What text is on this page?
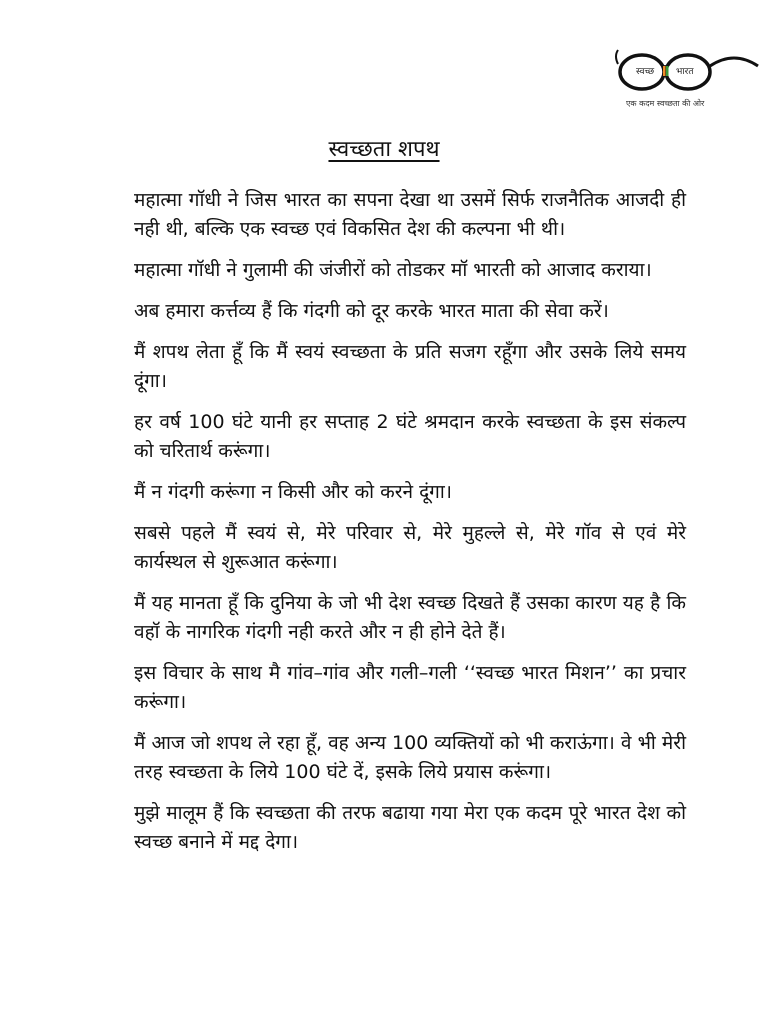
स्वच्छ भारत
एक कदम स्वच्छता की ओर
स्वच्छता शपथ

महात्मा गॉधी ने जिस भारत का सपना देखा था उसमें सिर्फ राजनैतिक आजदी ही नही थी, बल्कि एक स्वच्छ एवं विकसित देश की कल्पना भी थी।

महात्मा गॉधी ने गुलामी की जंजीरों को तोडकर मॉ भारती को आजाद कराया।

अब हमारा कर्त्तव्य हैं कि गंदगी को दूर करके भारत माता की सेवा करें।

मैं शपथ लेता हूँ कि मैं स्वयं स्वच्छता के प्रति सजग रहूँगा और उसके लिये समय दूंगा।

हर वर्ष 100 घंटे यानी हर सप्ताह 2 घंटे श्रमदान करके स्वच्छता के इस संकल्प को चरितार्थ करूंगा।

मैं न गंदगी करूंगा न किसी और को करने दूंगा।

सबसे पहले मैं स्वयं से, मेरे परिवार से, मेरे मुहल्ले से, मेरे गॉव से एवं मेरे कार्यस्थल से शुरूआत करूंगा।

मैं यह मानता हूँ कि दुनिया के जो भी देश स्वच्छ दिखते हैं उसका कारण यह है कि वहॉ के नागरिक गंदगी नही करते और न ही होने देते हैं।

इस विचार के साथ मै गांव–गांव और गली–गली ‘‘स्वच्छ भारत मिशन’’ का प्रचार करूंगा।

मैं आज जो शपथ ले रहा हूँ, वह अन्य 100 व्यक्तियों को भी कराऊंगा। वे भी मेरी तरह स्वच्छता के लिये 100 घंटे दें, इसके लिये प्रयास करूंगा।

मुझे मालूम हैं कि स्वच्छता की तरफ बढाया गया मेरा एक कदम पूरे भारत देश को स्वच्छ बनाने में मद्द देगा।
